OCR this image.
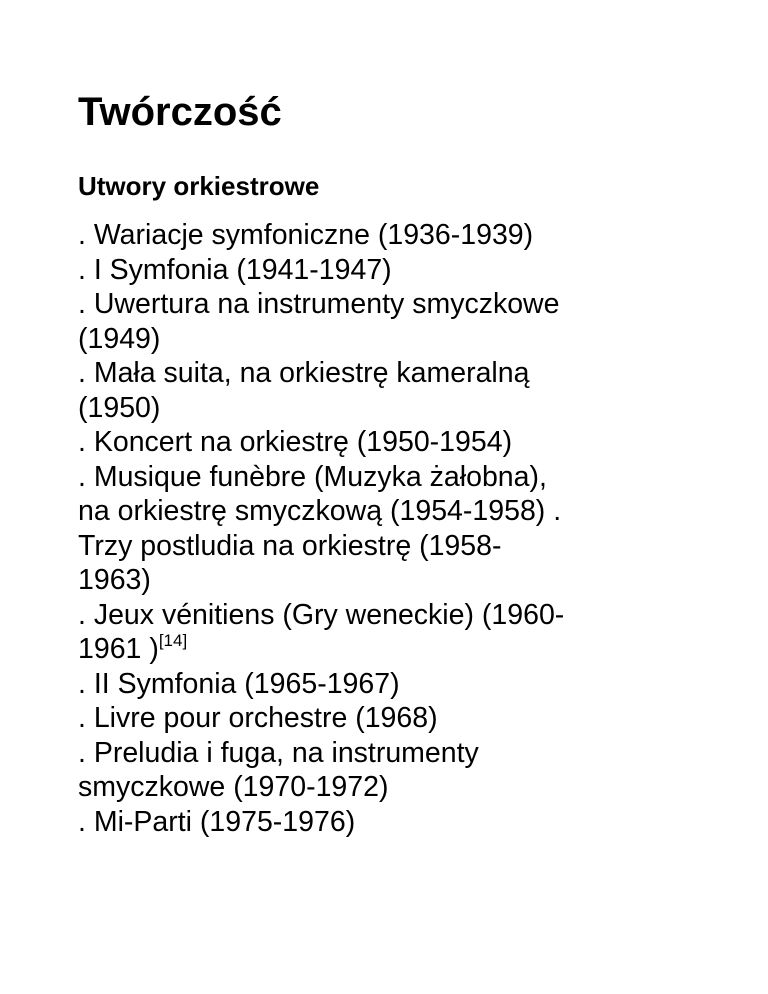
Twórczość
Utwory orkiestrowe
. Wariacje symfoniczne (1936-1939)
. I Symfonia (1941-1947)
. Uwertura na instrumenty smyczkowe
(1949)
. Mała suita, na orkiestrę kameralną
(1950)
. Koncert na orkiestrę (1950-1954)
. Musique funèbre (Muzyka żałobna),
na orkiestrę smyczkową (1954-1958) .
Trzy postludia na orkiestrę (1958-
1963)
. Jeux vénitiens (Gry weneckie) (1960-
1961 )[14]
. II Symfonia (1965-1967)
. Livre pour orchestre (1968)
. Preludia i fuga, na instrumenty
smyczkowe (1970-1972)
. Mi-Parti (1975-1976)
